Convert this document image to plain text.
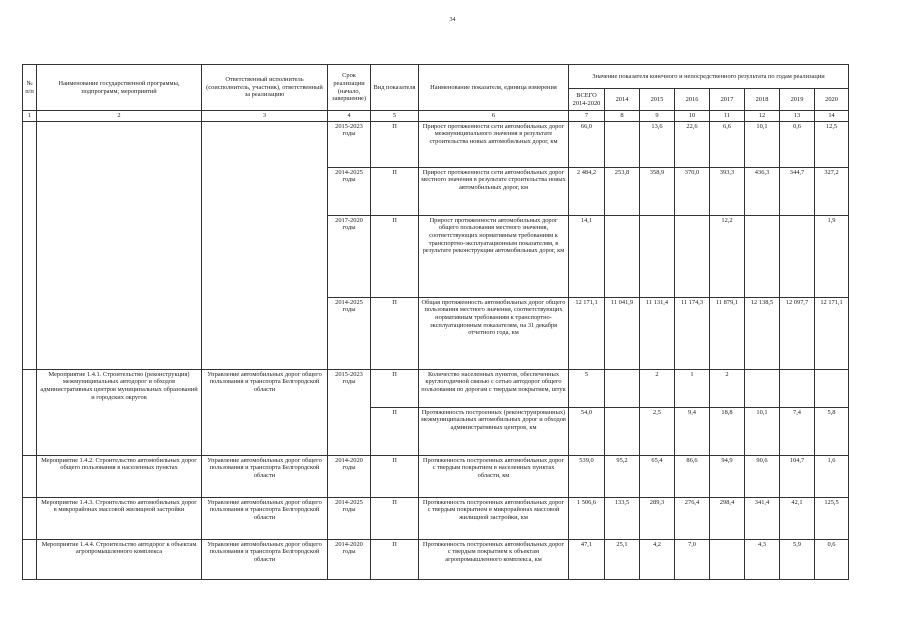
34
№ п/п	Наименование государственной программы, подпрограмм, мероприятий	Ответственный исполнитель (соисполнитель, участник), ответственный за реализацию	Срок реализации (начало, завершение)	Вид показателя	Наименование показателя, единица измерения	Значение показателя конечного и непосредственного результата по годам реализации							
						ВСЕГО 2014-2020	2014	2015	2016	2017	2018	2019	2020
1	2	3	4	5	6	7	8	9	10	11	12	13	14
			2015-2023 годы	П	Прирост протяженности сети автомобильных дорог межмуниципального значения в результате строительства новых автомобильных дорог, км	66,0		13,6	22,6	6,6	10,1	0,6	12,5
			2014-2025 годы	П	Прирост протяженности сети автомобильных дорог местного значения в результате строительства новых автомобильных дорог, км	2 484,2	253,8	358,9	370,0	393,3	436,3	344,7	327,2
			2017-2020 годы	П	Прирост протяженности автомобильных дорог общего пользования местного значения, соответствующих нормативным требованиям к транспортно-эксплуатационным показателям, в результате реконструкции автомобильных дорог, км	14,1				12,2			1,9
			2014-2025 годы	П	Общая протяженность автомобильных дорог общего пользования местного значения, соответствующих нормативным требованиям к транспортно-эксплуатационным показателям, на 31 декабря отчетного года, км	12 171,1	11 041,9	11 131,4	11 174,3	11 879,1	12 138,5	12 097,7	12 171,1
	Мероприятие 1.4.1. Строительство (реконструкция) межмуниципальных автодорог и обходов административных центров муниципальных образований и городских округов	Управление автомобильных дорог общего пользования и транспорта Белгородской области	2015-2023 годы	П	Количество населенных пунктов, обеспеченных круглогодичной связью с сетью автодорог общего пользования по дорогам с твердым покрытием, штук	5		2	1	2			
				П	Протяженность построенных (реконструированных) межмуниципальных автомобильных дорог и обходов административных центров, км	54,0		2,5	9,4	18,8	10,1	7,4	5,8
	Мероприятие 1.4.2. Строительство автомобильных дорог общего пользования в населенных пунктах	Управление автомобильных дорог общего пользования и транспорта Белгородской области	2014-2020 годы	П	Протяженность построенных автомобильных дорог с твердым покрытием в населенных пунктах области, км	539,0	95,2	65,4	86,6	94,9	90,6	104,7	1,6
	Мероприятие 1.4.3. Строительство автомобильных дорог в микрорайонах массовой жилищной застройки	Управление автомобильных дорог общего пользования и транспорта Белгородской области	2014-2025 годы	П	Протяженность построенных автомобильных дорог с твердым покрытием в микрорайонах массовой жилищной застройки, км	1 506,6	133,5	289,3	276,4	298,4	341,4	42,1	125,5
	Мероприятие 1.4.4. Строительство автодорог к объектам агропромышленного комплекса	Управление автомобильных дорог общего пользования и транспорта Белгородской области	2014-2020 годы	П	Протяженность построенных автомобильных дорог с твердым покрытием к объектам агропромышленного комплекса, км	47,1	25,1	4,2	7,0		4,3	5,9	0,6
